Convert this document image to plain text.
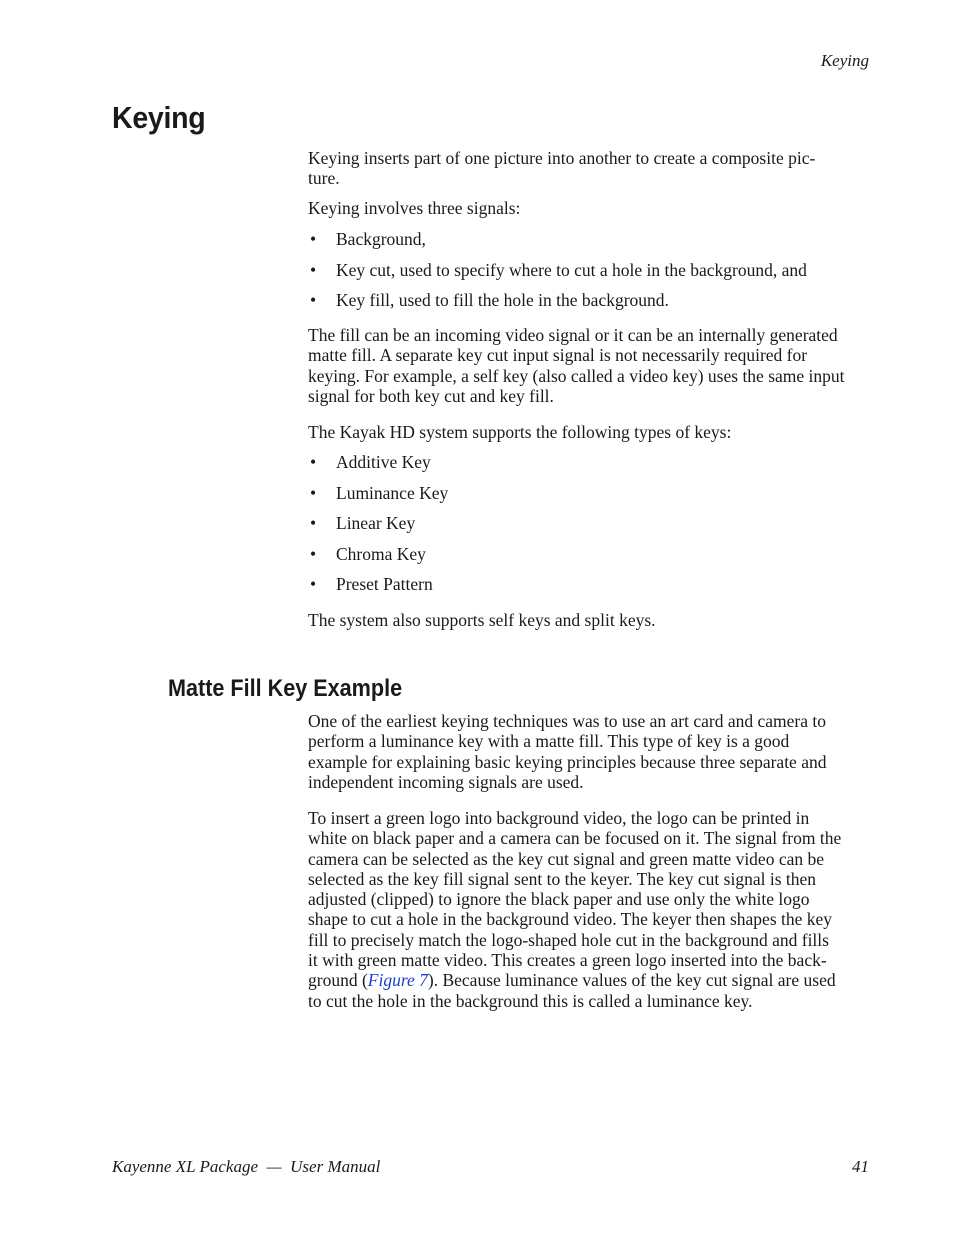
Keying
Keying

Keying inserts part of one picture into another to create a composite pic-
ture.

Keying involves three signals:

• Background,
• Key cut, used to specify where to cut a hole in the background, and
• Key fill, used to fill the hole in the background.

The fill can be an incoming video signal or it can be an internally generated
matte fill. A separate key cut input signal is not necessarily required for
keying. For example, a self key (also called a video key) uses the same input
signal for both key cut and key fill.

The Kayak HD system supports the following types of keys:

• Additive Key
• Luminance Key
• Linear Key
• Chroma Key
• Preset Pattern

The system also supports self keys and split keys.

Matte Fill Key Example

One of the earliest keying techniques was to use an art card and camera to
perform a luminance key with a matte fill. This type of key is a good
example for explaining basic keying principles because three separate and
independent incoming signals are used.

To insert a green logo into background video, the logo can be printed in
white on black paper and a camera can be focused on it. The signal from the
camera can be selected as the key cut signal and green matte video can be
selected as the key fill signal sent to the keyer. The key cut signal is then
adjusted (clipped) to ignore the black paper and use only the white logo
shape to cut a hole in the background video. The keyer then shapes the key
fill to precisely match the logo-shaped hole cut in the background and fills
it with green matte video. This creates a green logo inserted into the back-
ground (Figure 7). Because luminance values of the key cut signal are used
to cut the hole in the background this is called a luminance key.

Kayenne XL Package  —  User Manual	41
